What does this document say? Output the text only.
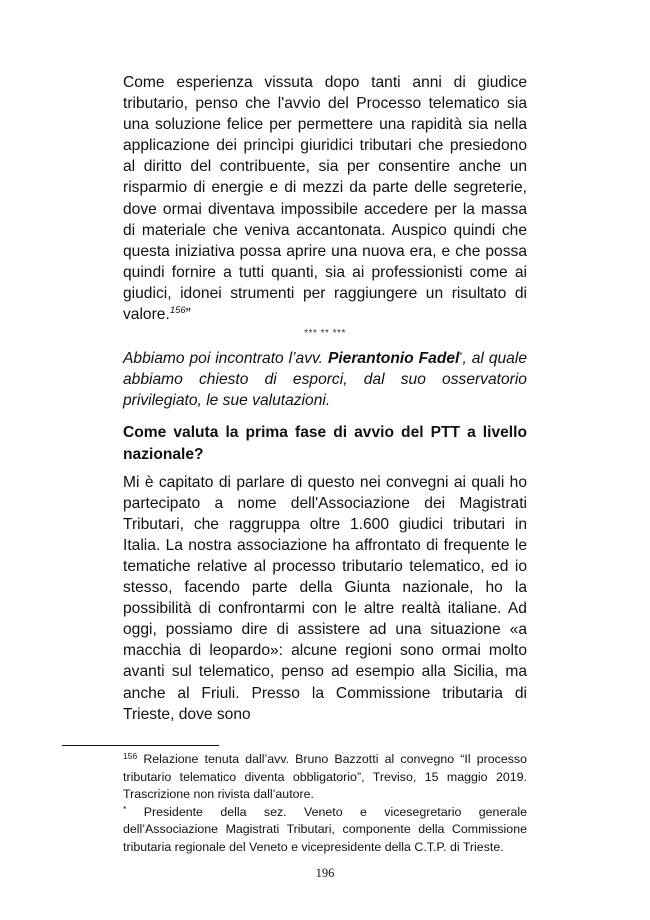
Come esperienza vissuta dopo tanti anni di giudice tributario, penso che l'avvio del Processo telematico sia una soluzione felice per permettere una rapidità sia nella applicazione dei princìpi giuridici tributari che presiedono al diritto del contribuente, sia per consentire anche un risparmio di energie e di mezzi da parte delle segreterie, dove ormai diventava impossibile accedere per la massa di materiale che veniva accantonata. Auspico quindi che questa iniziativa possa aprire una nuova era, e che possa quindi fornire a tutti quanti, sia ai professionisti come ai giudici, idonei strumenti per raggiungere un risultato di valore.$^{156}$”

*** ** ***

Abbiamo poi incontrato l’avv. Pierantonio Fadel*, al quale abbiamo chiesto di esporci, dal suo osservatorio privilegiato, le sue valutazioni.

Come valuta la prima fase di avvio del PTT a livello nazionale?

Mi è capitato di parlare di questo nei convegni ai quali ho partecipato a nome dell'Associazione dei Magistrati Tributari, che raggruppa oltre 1.600 giudici tributari in Italia. La nostra associazione ha affrontato di frequente le tematiche relative al processo tributario telematico, ed io stesso, facendo parte della Giunta nazionale, ho la possibilità di confrontarmi con le altre realtà italiane. Ad oggi, possiamo dire di assistere ad una situazione «a macchia di leopardo»: alcune regioni sono ormai molto avanti sul telematico, penso ad esempio alla Sicilia, ma anche al Friuli. Presso la Commissione tributaria di Trieste, dove sono

$^{156}$ Relazione tenuta dall’avv. Bruno Bazzotti al convegno “Il processo tributario telematico diventa obbligatorio”, Treviso, 15 maggio 2019. Trascrizione non rivista dall’autore.

* Presidente della sez. Veneto e vicesegretario generale dell’Associazione Magistrati Tributari, componente della Commissione tributaria regionale del Veneto e vicepresidente della C.T.P. di Trieste.

196
